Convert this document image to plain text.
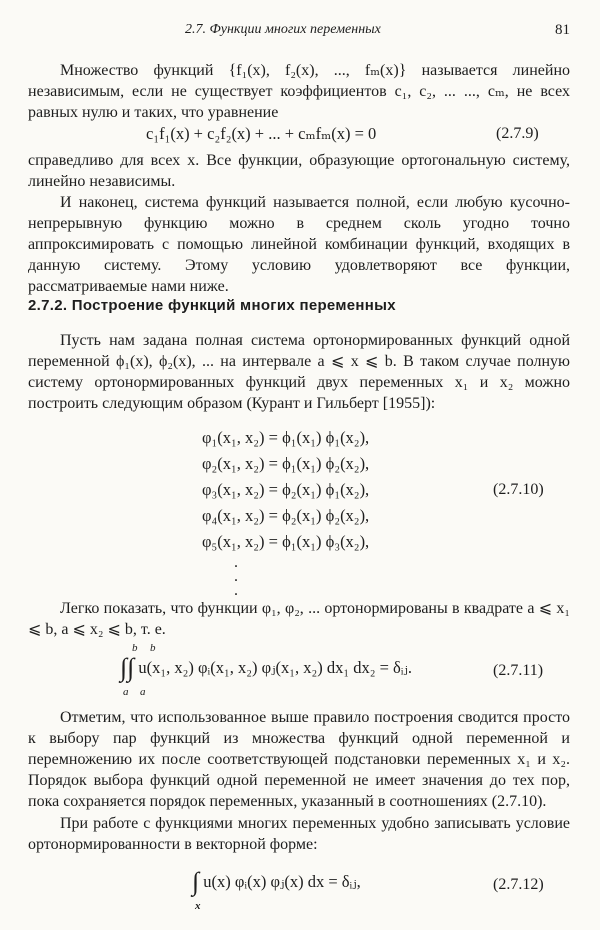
2.7. Функции многих переменных	81

Множество функций {f₁(x), f₂(x), ..., fₘ(x)} называется линейно независимым, если не существует коэффициентов c₁, c₂, ... ..., cₘ, не всех равных нулю и таких, что уравнение

c₁f₁(x) + c₂f₂(x) + ... + cₘfₘ(x) = 0	(2.7.9)

справедливо для всех x. Все функции, образующие ортогональную систему, линейно независимы.

И наконец, система функций называется полной, если любую кусочно-непрерывную функцию можно в среднем сколь угодно точно аппроксимировать с помощью линейной комбинации функций, входящих в данную систему. Этому условию удовлетворяют все функции, рассматриваемые нами ниже.

2.7.2. Построение функций многих переменных

Пусть нам задана полная система ортонормированных функций одной переменной ϕ₁(x), ϕ₂(x), ... на интервале a ⩽ x ⩽ b. В таком случае полную систему ортонормированных функций двух переменных x₁ и x₂ можно построить следующим образом (Курант и Гильберт [1955]):

φ₁(x₁, x₂) = ϕ₁(x₁) ϕ₁(x₂),
φ₂(x₁, x₂) = ϕ₁(x₁) ϕ₂(x₂),
φ₃(x₁, x₂) = ϕ₂(x₁) ϕ₁(x₂),
φ₄(x₁, x₂) = ϕ₂(x₁) ϕ₂(x₂),
φ₅(x₁, x₂) = ϕ₁(x₁) ϕ₃(x₂),
(2.7.10)
.
.
.

Легко показать, что функции φ₁, φ₂, ... ортонормированы в квадрате a ⩽ x₁ ⩽ b, a ⩽ x₂ ⩽ b, т. е.

b b
∫∫ u(x₁, x₂) φᵢ(x₁, x₂) φⱼ(x₁, x₂) dx₁ dx₂ = δᵢⱼ.
a a
(2.7.11)

Отметим, что использованное выше правило построения сводится просто к выбору пар функций из множества функций одной переменной и перемножению их после соответствующей подстановки переменных x₁ и x₂. Порядок выбора функций одной переменной не имеет значения до тех пор, пока сохраняется порядок переменных, указанный в соотношениях (2.7.10).

При работе с функциями многих переменных удобно записывать условие ортонормированности в векторной форме:

∫ u(x) φᵢ(x) φⱼ(x) dx = δᵢⱼ,
x
(2.7.12)
